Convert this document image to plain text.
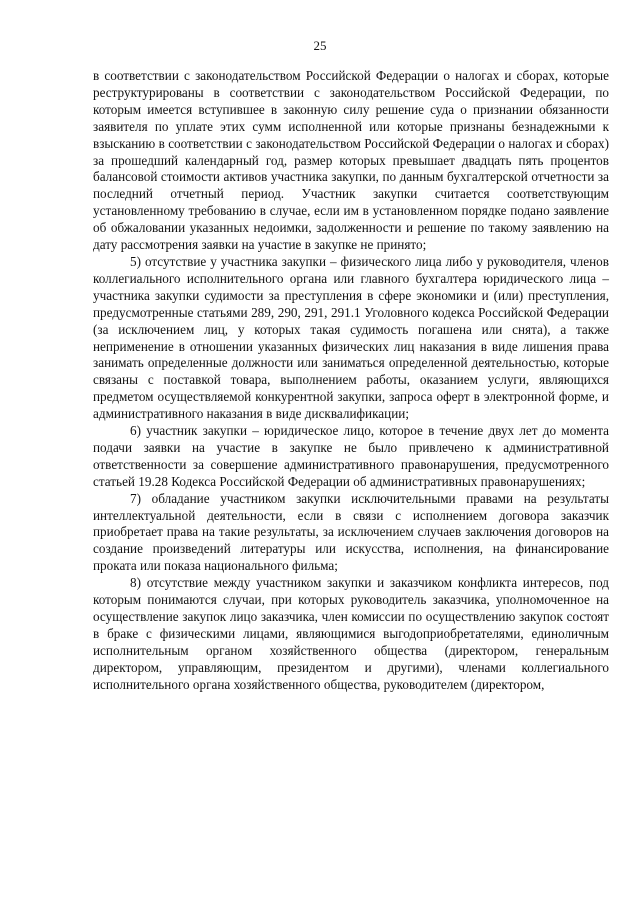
25

в соответствии с законодательством Российской Федерации о налогах и сборах, которые реструктурированы в соответствии с законодательством Российской Федерации, по которым имеется вступившее в законную силу решение суда о признании обязанности заявителя по уплате этих сумм исполненной или которые признаны безнадежными к взысканию в соответствии с законодательством Российской Федерации о налогах и сборах) за прошедший календарный год, размер которых превышает двадцать пять процентов балансовой стоимости активов участника закупки, по данным бухгалтерской отчетности за последний отчетный период. Участник закупки считается соответствующим установленному требованию в случае, если им в установленном порядке подано заявление об обжаловании указанных недоимки, задолженности и решение по такому заявлению на дату рассмотрения заявки на участие в закупке не принято;

5) отсутствие у участника закупки – физического лица либо у руководителя, членов коллегиального исполнительного органа или главного бухгалтера юридического лица – участника закупки судимости за преступления в сфере экономики и (или) преступления, предусмотренные статьями 289, 290, 291, 291.1 Уголовного кодекса Российской Федерации (за исключением лиц, у которых такая судимость погашена или снята), а также неприменение в отношении указанных физических лиц наказания в виде лишения права занимать определенные должности или заниматься определенной деятельностью, которые связаны с поставкой товара, выполнением работы, оказанием услуги, являющихся предметом осуществляемой конкурентной закупки, запроса оферт в электронной форме, и административного наказания в виде дисквалификации;

6) участник закупки – юридическое лицо, которое в течение двух лет до момента подачи заявки на участие в закупке не было привлечено к административной ответственности за совершение административного правонарушения, предусмотренного статьей 19.28 Кодекса Российской Федерации об административных правонарушениях;

7) обладание участником закупки исключительными правами на результаты интеллектуальной деятельности, если в связи с исполнением договора заказчик приобретает права на такие результаты, за исключением случаев заключения договоров на создание произведений литературы или искусства, исполнения, на финансирование проката или показа национального фильма;

8) отсутствие между участником закупки и заказчиком конфликта интересов, под которым понимаются случаи, при которых руководитель заказчика, уполномоченное на осуществление закупок лицо заказчика, член комиссии по осуществлению закупок состоят в браке с физическими лицами, являющимися выгодоприобретателями, единоличным исполнительным органом хозяйственного общества (директором, генеральным директором, управляющим, президентом и другими), членами коллегиального исполнительного органа хозяйственного общества, руководителем (директором,
